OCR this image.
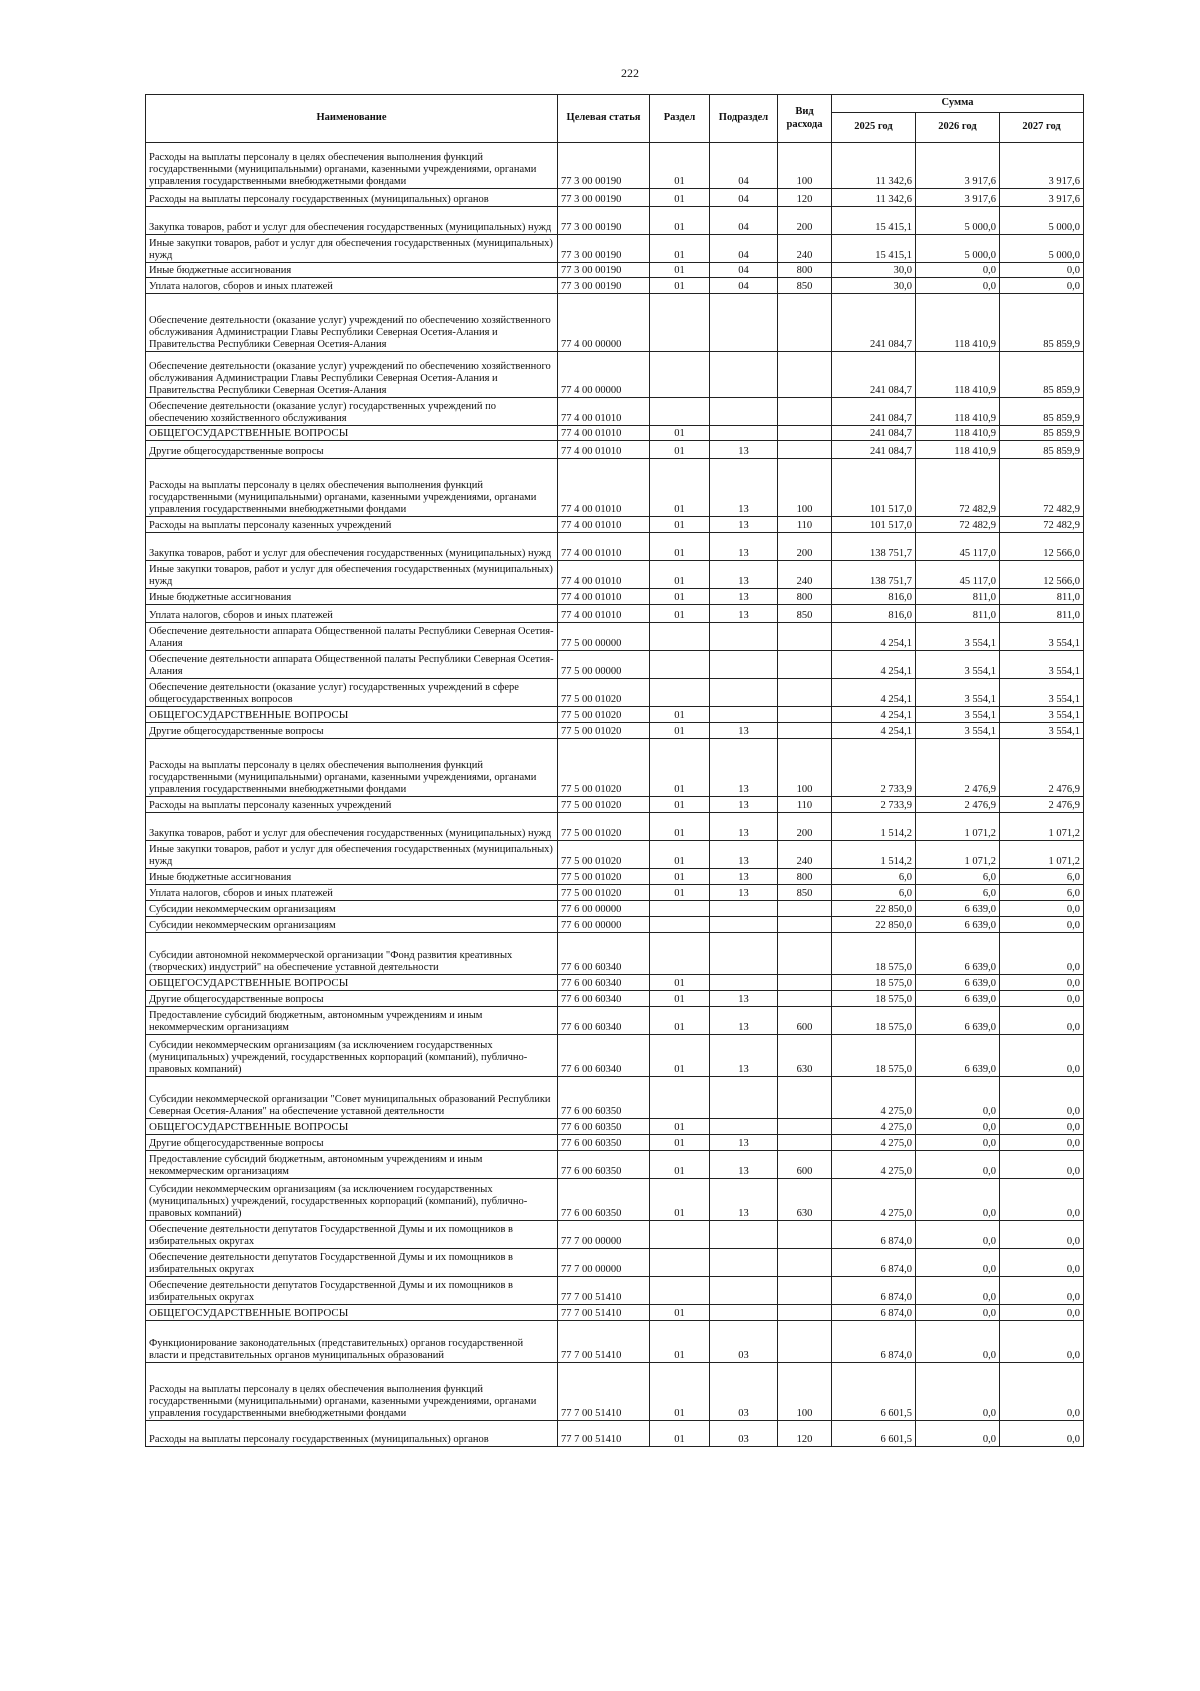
222
Наименование	Целевая статья	Раздел	Подраздел	Вид расхода	Сумма		
					2025 год	2026 год	2027 год
Расходы на выплаты персоналу в целях обеспечения выполнения функций государственными (муниципальными) органами, казенными учреждениями, органами управления государственными внебюджетными фондами	77 3 00 00190	01	04	100	11 342,6	3 917,6	3 917,6
Расходы на выплаты персоналу государственных (муниципальных) органов	77 3 00 00190	01	04	120	11 342,6	3 917,6	3 917,6
Закупка товаров, работ и услуг для обеспечения государственных (муниципальных) нужд	77 3 00 00190	01	04	200	15 415,1	5 000,0	5 000,0
Иные закупки товаров, работ и услуг для обеспечения государственных (муниципальных) нужд	77 3 00 00190	01	04	240	15 415,1	5 000,0	5 000,0
Иные бюджетные ассигнования	77 3 00 00190	01	04	800	30,0	0,0	0,0
Уплата налогов, сборов и иных платежей	77 3 00 00190	01	04	850	30,0	0,0	0,0
Обеспечение деятельности (оказание услуг) учреждений по обеспечению хозяйственного обслуживания Администрации Главы Республики Северная Осетия-Алания и Правительства Республики Северная Осетия-Алания	77 4 00 00000				241 084,7	118 410,9	85 859,9
Обеспечение деятельности (оказание услуг) учреждений по обеспечению хозяйственного обслуживания Администрации Главы Республики Северная Осетия-Алания и Правительства Республики Северная Осетия-Алания	77 4 00 00000				241 084,7	118 410,9	85 859,9
Обеспечение деятельности (оказание услуг) государственных учреждений по обеспечению хозяйственного обслуживания	77 4 00 01010				241 084,7	118 410,9	85 859,9
ОБЩЕГОСУДАРСТВЕННЫЕ ВОПРОСЫ	77 4 00 01010	01			241 084,7	118 410,9	85 859,9
Другие общегосударственные вопросы	77 4 00 01010	01	13		241 084,7	118 410,9	85 859,9
Расходы на выплаты персоналу в целях обеспечения выполнения функций государственными (муниципальными) органами, казенными учреждениями, органами управления государственными внебюджетными фондами	77 4 00 01010	01	13	100	101 517,0	72 482,9	72 482,9
Расходы на выплаты персоналу казенных учреждений	77 4 00 01010	01	13	110	101 517,0	72 482,9	72 482,9
Закупка товаров, работ и услуг для обеспечения государственных (муниципальных) нужд	77 4 00 01010	01	13	200	138 751,7	45 117,0	12 566,0
Иные закупки товаров, работ и услуг для обеспечения государственных (муниципальных) нужд	77 4 00 01010	01	13	240	138 751,7	45 117,0	12 566,0
Иные бюджетные ассигнования	77 4 00 01010	01	13	800	816,0	811,0	811,0
Уплата налогов, сборов и иных платежей	77 4 00 01010	01	13	850	816,0	811,0	811,0
Обеспечение деятельности аппарата Общественной палаты Республики Северная Осетия-Алания	77 5 00 00000				4 254,1	3 554,1	3 554,1
Обеспечение деятельности аппарата Общественной палаты Республики Северная Осетия-Алания	77 5 00 00000				4 254,1	3 554,1	3 554,1
Обеспечение деятельности (оказание услуг) государственных учреждений в сфере общегосударственных вопросов	77 5 00 01020				4 254,1	3 554,1	3 554,1
ОБЩЕГОСУДАРСТВЕННЫЕ ВОПРОСЫ	77 5 00 01020	01			4 254,1	3 554,1	3 554,1
Другие общегосударственные вопросы	77 5 00 01020	01	13		4 254,1	3 554,1	3 554,1
Расходы на выплаты персоналу в целях обеспечения выполнения функций государственными (муниципальными) органами, казенными учреждениями, органами управления государственными внебюджетными фондами	77 5 00 01020	01	13	100	2 733,9	2 476,9	2 476,9
Расходы на выплаты персоналу казенных учреждений	77 5 00 01020	01	13	110	2 733,9	2 476,9	2 476,9
Закупка товаров, работ и услуг для обеспечения государственных (муниципальных) нужд	77 5 00 01020	01	13	200	1 514,2	1 071,2	1 071,2
Иные закупки товаров, работ и услуг для обеспечения государственных (муниципальных) нужд	77 5 00 01020	01	13	240	1 514,2	1 071,2	1 071,2
Иные бюджетные ассигнования	77 5 00 01020	01	13	800	6,0	6,0	6,0
Уплата налогов, сборов и иных платежей	77 5 00 01020	01	13	850	6,0	6,0	6,0
Субсидии некоммерческим организациям	77 6 00 00000				22 850,0	6 639,0	0,0
Субсидии некоммерческим организациям	77 6 00 00000				22 850,0	6 639,0	0,0
Субсидии автономной некоммерческой организации "Фонд развития креативных (творческих) индустрий" на обеспечение уставной деятельности	77 6 00 60340				18 575,0	6 639,0	0,0
ОБЩЕГОСУДАРСТВЕННЫЕ ВОПРОСЫ	77 6 00 60340	01			18 575,0	6 639,0	0,0
Другие общегосударственные вопросы	77 6 00 60340	01	13		18 575,0	6 639,0	0,0
Предоставление субсидий бюджетным, автономным учреждениям и иным некоммерческим организациям	77 6 00 60340	01	13	600	18 575,0	6 639,0	0,0
Субсидии некоммерческим организациям (за исключением государственных (муниципальных) учреждений, государственных корпораций (компаний), публично-правовых компаний)	77 6 00 60340	01	13	630	18 575,0	6 639,0	0,0
Субсидии некоммерческой организации "Совет муниципальных образований Республики Северная Осетия-Алания" на обеспечение уставной деятельности	77 6 00 60350				4 275,0	0,0	0,0
ОБЩЕГОСУДАРСТВЕННЫЕ ВОПРОСЫ	77 6 00 60350	01			4 275,0	0,0	0,0
Другие общегосударственные вопросы	77 6 00 60350	01	13		4 275,0	0,0	0,0
Предоставление субсидий бюджетным, автономным учреждениям и иным некоммерческим организациям	77 6 00 60350	01	13	600	4 275,0	0,0	0,0
Субсидии некоммерческим организациям (за исключением государственных (муниципальных) учреждений, государственных корпораций (компаний), публично-правовых компаний)	77 6 00 60350	01	13	630	4 275,0	0,0	0,0
Обеспечение деятельности депутатов Государственной Думы и их помощников в избирательных округах	77 7 00 00000				6 874,0	0,0	0,0
Обеспечение деятельности депутатов Государственной Думы и их помощников в избирательных округах	77 7 00 00000				6 874,0	0,0	0,0
Обеспечение деятельности депутатов Государственной Думы и их помощников в избирательных округах	77 7 00 51410				6 874,0	0,0	0,0
ОБЩЕГОСУДАРСТВЕННЫЕ ВОПРОСЫ	77 7 00 51410	01			6 874,0	0,0	0,0
Функционирование законодательных (представительных) органов государственной власти и представительных органов муниципальных образований	77 7 00 51410	01	03		6 874,0	0,0	0,0
Расходы на выплаты персоналу в целях обеспечения выполнения функций государственными (муниципальными) органами, казенными учреждениями, органами управления государственными внебюджетными фондами	77 7 00 51410	01	03	100	6 601,5	0,0	0,0
Расходы на выплаты персоналу государственных (муниципальных) органов	77 7 00 51410	01	03	120	6 601,5	0,0	0,0
